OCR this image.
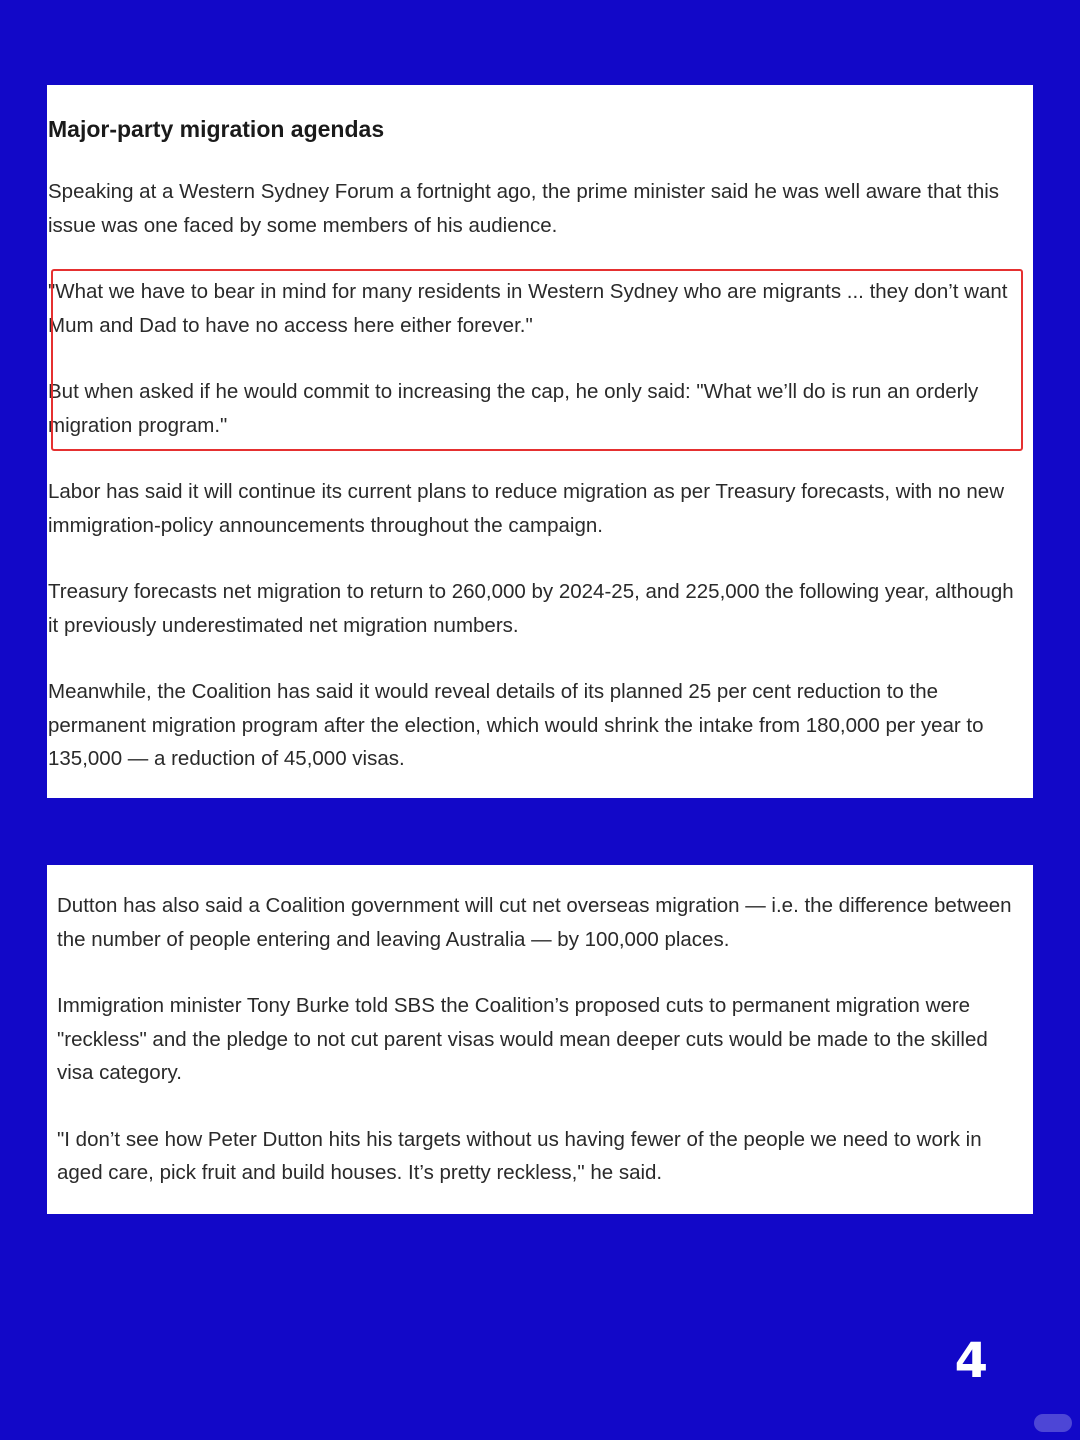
Major-party migration agendas

Speaking at a Western Sydney Forum a fortnight ago, the prime minister said he was well aware that this issue was one faced by some members of his audience.

"What we have to bear in mind for many residents in Western Sydney who are migrants ... they don’t want Mum and Dad to have no access here either forever."

But when asked if he would commit to increasing the cap, he only said: "What we’ll do is run an orderly migration program."

Labor has said it will continue its current plans to reduce migration as per Treasury forecasts, with no new immigration-policy announcements throughout the campaign.

Treasury forecasts net migration to return to 260,000 by 2024-25, and 225,000 the following year, although it previously underestimated net migration numbers.

Meanwhile, the Coalition has said it would reveal details of its planned 25 per cent reduction to the permanent migration program after the election, which would shrink the intake from 180,000 per year to 135,000 — a reduction of 45,000 visas.

Dutton has also said a Coalition government will cut net overseas migration — i.e. the difference between the number of people entering and leaving Australia — by 100,000 places.

Immigration minister Tony Burke told SBS the Coalition’s proposed cuts to permanent migration were "reckless" and the pledge to not cut parent visas would mean deeper cuts would be made to the skilled visa category.

"I don’t see how Peter Dutton hits his targets without us having fewer of the people we need to work in aged care, pick fruit and build houses. It’s pretty reckless," he said.

4
